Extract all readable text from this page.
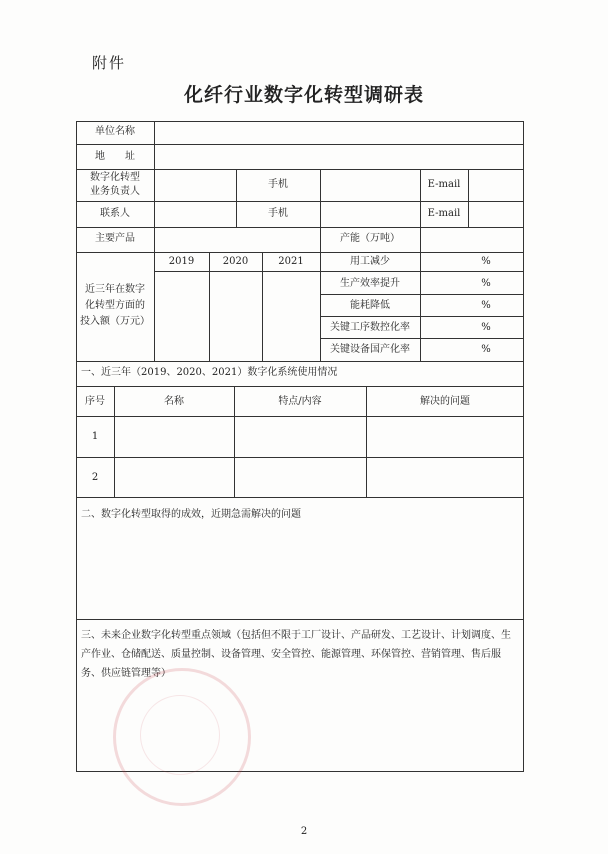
附件
化纤行业数字化转型调研表
单位名称
地　　址
数字化转型
业务负责人
手机	E-mail
联系人	手机	E-mail
主要产品	产能（万吨）
近三年在数字
化转型方面的
投入额（万元）
2019	2020	2021	用工减少	%
生产效率提升	%
能耗降低	%
关键工序数控化率	%
关键设备国产化率	%
一、近三年（2019、2020、2021）数字化系统使用情况
序号	名称	特点/内容	解决的问题
1
2
二、数字化转型取得的成效，近期急需解决的问题
三、未来企业数字化转型重点领域（包括但不限于工厂设计、产品研发、工艺设计、计划调度、生产作业、仓储配送、质量控制、设备管理、安全管控、能源管理、环保管控、营销管理、售后服务、供应链管理等）
2
